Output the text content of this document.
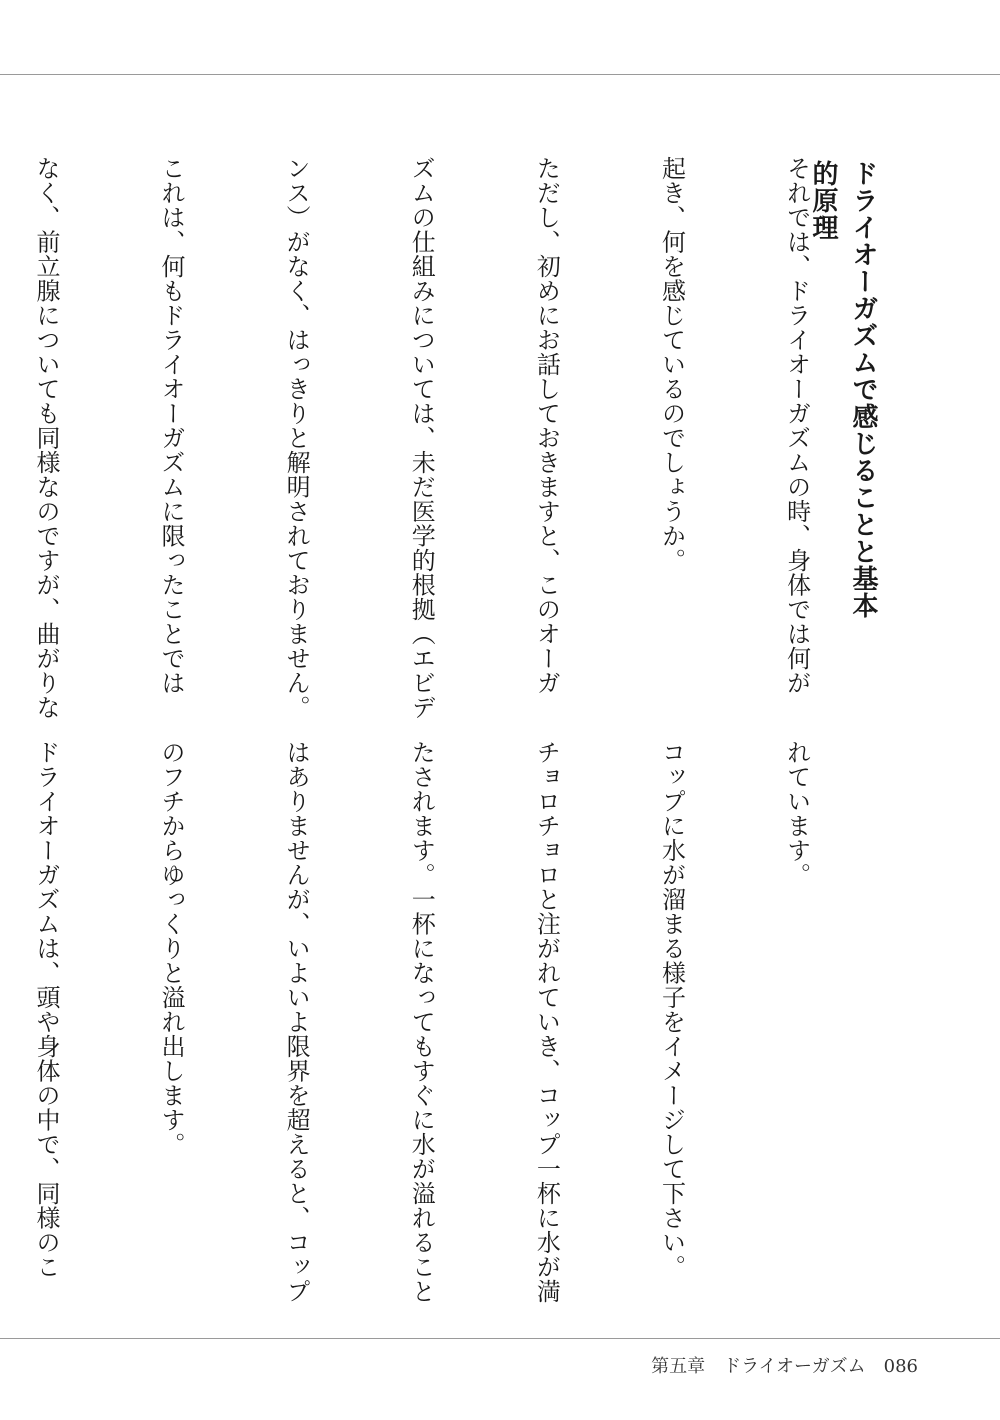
ドライオーガズムで感じることと基本的原理

それでは、ドライオーガズムの時、身体では何が

起き、何を感じているのでしょうか。

ただし、初めにお話しておきますと、このオーガ

ズムの仕組みについては、未だ医学的根拠（エビデ

ンス）がなく、はっきりと解明されておりません。

これは、何もドライオーガズムに限ったことでは

なく、前立腺についても同様なのですが、曲がりな

れています。

コップに水が溜まる様子をイメージして下さい。

チョロチョロと注がれていき、コップ一杯に水が満

たされます。一杯になってもすぐに水が溢れること

はありませんが、いよいよ限界を超えると、コップ

のフチからゆっくりと溢れ出します。

ドライオーガズムは、頭や身体の中で、同様のこ

第五章 ドライオーガズム 086
